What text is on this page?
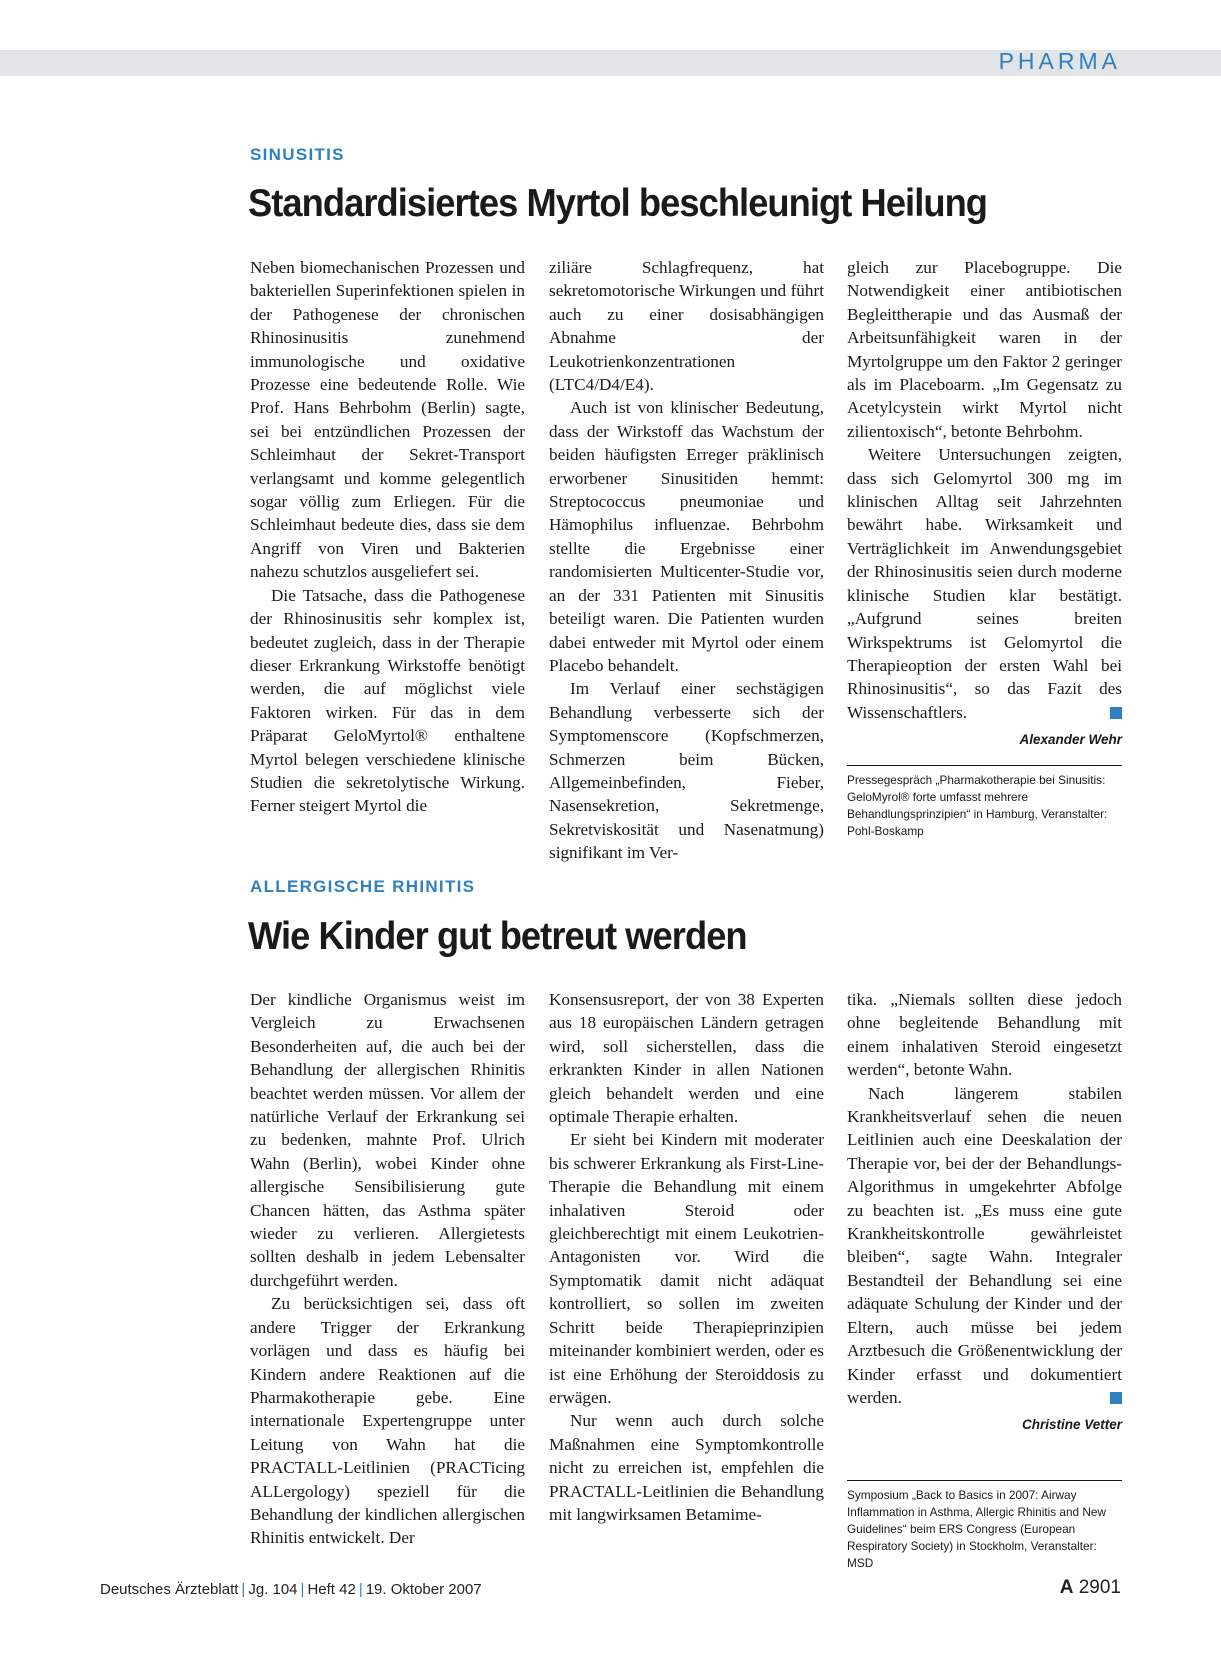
PHARMA
SINUSITIS
Standardisiertes Myrtol beschleunigt Heilung

Neben biomechanischen Prozessen und bakteriellen Superinfektionen spielen in der Pathogenese der chronischen Rhinosinusitis zunehmend immunologische und oxidative Prozesse eine bedeutende Rolle. Wie Prof. Hans Behrbohm (Berlin) sagte, sei bei entzündlichen Prozessen der Schleimhaut der Sekret-Transport verlangsamt und komme gelegentlich sogar völlig zum Erliegen. Für die Schleimhaut bedeute dies, dass sie dem Angriff von Viren und Bakterien nahezu schutzlos ausgeliefert sei.

Die Tatsache, dass die Pathogenese der Rhinosinusitis sehr komplex ist, bedeutet zugleich, dass in der Therapie dieser Erkrankung Wirkstoffe benötigt werden, die auf möglichst viele Faktoren wirken. Für das in dem Präparat GeloMyrtol® enthaltene Myrtol belegen verschiedene klinische Studien die sekretolytische Wirkung. Ferner steigert Myrtol die

ziliäre Schlagfrequenz, hat sekretomotorische Wirkungen und führt auch zu einer dosisabhängigen Abnahme der Leukotrienkonzentrationen (LTC4/D4/E4).

Auch ist von klinischer Bedeutung, dass der Wirkstoff das Wachstum der beiden häufigsten Erreger präklinisch erworbener Sinusitiden hemmt: Streptococcus pneumoniae und Hämophilus influenzae. Behrbohm stellte die Ergebnisse einer randomisierten Multicenter-Studie vor, an der 331 Patienten mit Sinusitis beteiligt waren. Die Patienten wurden dabei entweder mit Myrtol oder einem Placebo behandelt.

Im Verlauf einer sechstägigen Behandlung verbesserte sich der Symptomenscore (Kopfschmerzen, Schmerzen beim Bücken, Allgemeinbefinden, Fieber, Nasensekretion, Sekretmenge, Sekretviskosität und Nasenatmung) signifikant im Ver-

gleich zur Placebogruppe. Die Notwendigkeit einer antibiotischen Begleittherapie und das Ausmaß der Arbeitsunfähigkeit waren in der Myrtolgruppe um den Faktor 2 geringer als im Placeboarm. „Im Gegensatz zu Acetylcystein wirkt Myrtol nicht zilientoxisch“, betonte Behrbohm.

Weitere Untersuchungen zeigten, dass sich Gelomyrtol 300 mg im klinischen Alltag seit Jahrzehnten bewährt habe. Wirksamkeit und Verträglichkeit im Anwendungsgebiet der Rhinosinusitis seien durch moderne klinische Studien klar bestätigt. „Aufgrund seines breiten Wirkspektrums ist Gelomyrtol die Therapieoption der ersten Wahl bei Rhinosinusitis“, so das Fazit des Wissenschaftlers.

Alexander Wehr
Pressegespräch „Pharmakotherapie bei Sinusitis: GeloMyrol® forte umfasst mehrere Behandlungsprinzipien“ in Hamburg, Veranstalter: Pohl-Boskamp
ALLERGISCHE RHINITIS
Wie Kinder gut betreut werden

Der kindliche Organismus weist im Vergleich zu Erwachsenen Besonderheiten auf, die auch bei der Behandlung der allergischen Rhinitis beachtet werden müssen. Vor allem der natürliche Verlauf der Erkrankung sei zu bedenken, mahnte Prof. Ulrich Wahn (Berlin), wobei Kinder ohne allergische Sensibilisierung gute Chancen hätten, das Asthma später wieder zu verlieren. Allergietests sollten deshalb in jedem Lebensalter durchgeführt werden.

Zu berücksichtigen sei, dass oft andere Trigger der Erkrankung vorlägen und dass es häufig bei Kindern andere Reaktionen auf die Pharmakotherapie gebe. Eine internationale Expertengruppe unter Leitung von Wahn hat die PRACTALL-Leitlinien (PRACTicing ALLergology) speziell für die Behandlung der kindlichen allergischen Rhinitis entwickelt. Der

Konsensusreport, der von 38 Experten aus 18 europäischen Ländern getragen wird, soll sicherstellen, dass die erkrankten Kinder in allen Nationen gleich behandelt werden und eine optimale Therapie erhalten.

Er sieht bei Kindern mit moderater bis schwerer Erkrankung als First-Line-Therapie die Behandlung mit einem inhalativen Steroid oder gleichberechtigt mit einem Leukotrien-Antagonisten vor. Wird die Symptomatik damit nicht adäquat kontrolliert, so sollen im zweiten Schritt beide Therapieprinzipien miteinander kombiniert werden, oder es ist eine Erhöhung der Steroiddosis zu erwägen.

Nur wenn auch durch solche Maßnahmen eine Symptomkontrolle nicht zu erreichen ist, empfehlen die PRACTALL-Leitlinien die Behandlung mit langwirksamen Betamime-

tika. „Niemals sollten diese jedoch ohne begleitende Behandlung mit einem inhalativen Steroid eingesetzt werden“, betonte Wahn.

Nach längerem stabilen Krankheitsverlauf sehen die neuen Leitlinien auch eine Deeskalation der Therapie vor, bei der der Behandlungs-Algorithmus in umgekehrter Abfolge zu beachten ist. „Es muss eine gute Krankheitskontrolle gewährleistet bleiben“, sagte Wahn. Integraler Bestandteil der Behandlung sei eine adäquate Schulung der Kinder und der Eltern, auch müsse bei jedem Arztbesuch die Größenentwicklung der Kinder erfasst und dokumentiert werden.

Christine Vetter
Symposium „Back to Basics in 2007: Airway Inflammation in Asthma, Allergic Rhinitis and New Guidelines“ beim ERS Congress (European Respiratory Society) in Stockholm, Veranstalter: MSD
Deutsches Ärzteblatt | Jg. 104 | Heft 42 | 19. Oktober 2007	A 2901
